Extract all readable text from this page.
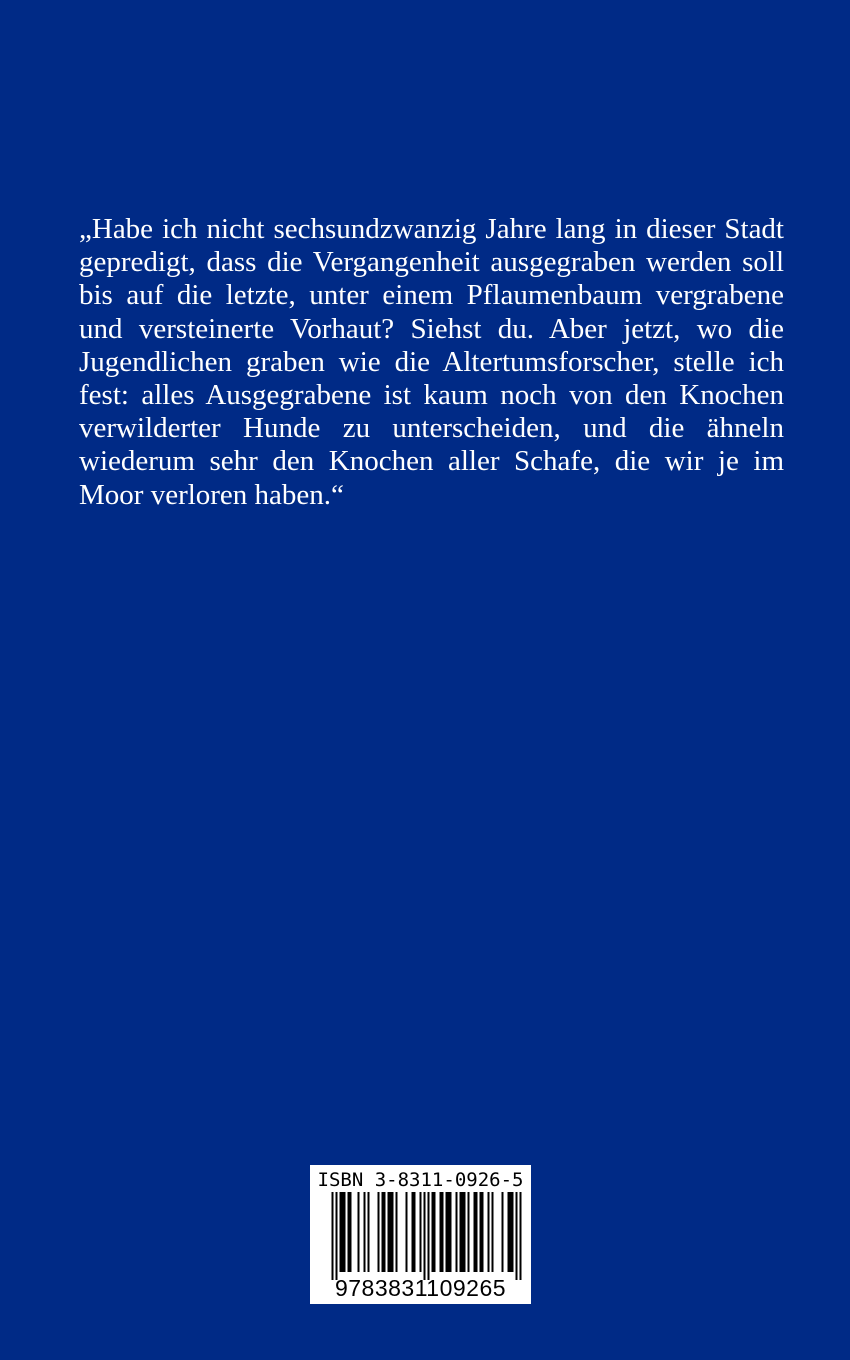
„Habe ich nicht sechsundzwanzig Jahre lang in dieser Stadt
gepredigt, dass die Vergangenheit ausgegraben werden soll
bis auf die letzte, unter einem Pflaumenbaum vergrabene
und versteinerte Vorhaut? Siehst du. Aber jetzt, wo die
Jugendlichen graben wie die Altertumsforscher, stelle ich
fest: alles Ausgegrabene ist kaum noch von den Knochen
verwilderter Hunde zu unterscheiden, und die ähneln
wiederum sehr den Knochen aller Schafe, die wir je im
Moor verloren haben.“

ISBN 3-8311-0926-5
9783831109265
